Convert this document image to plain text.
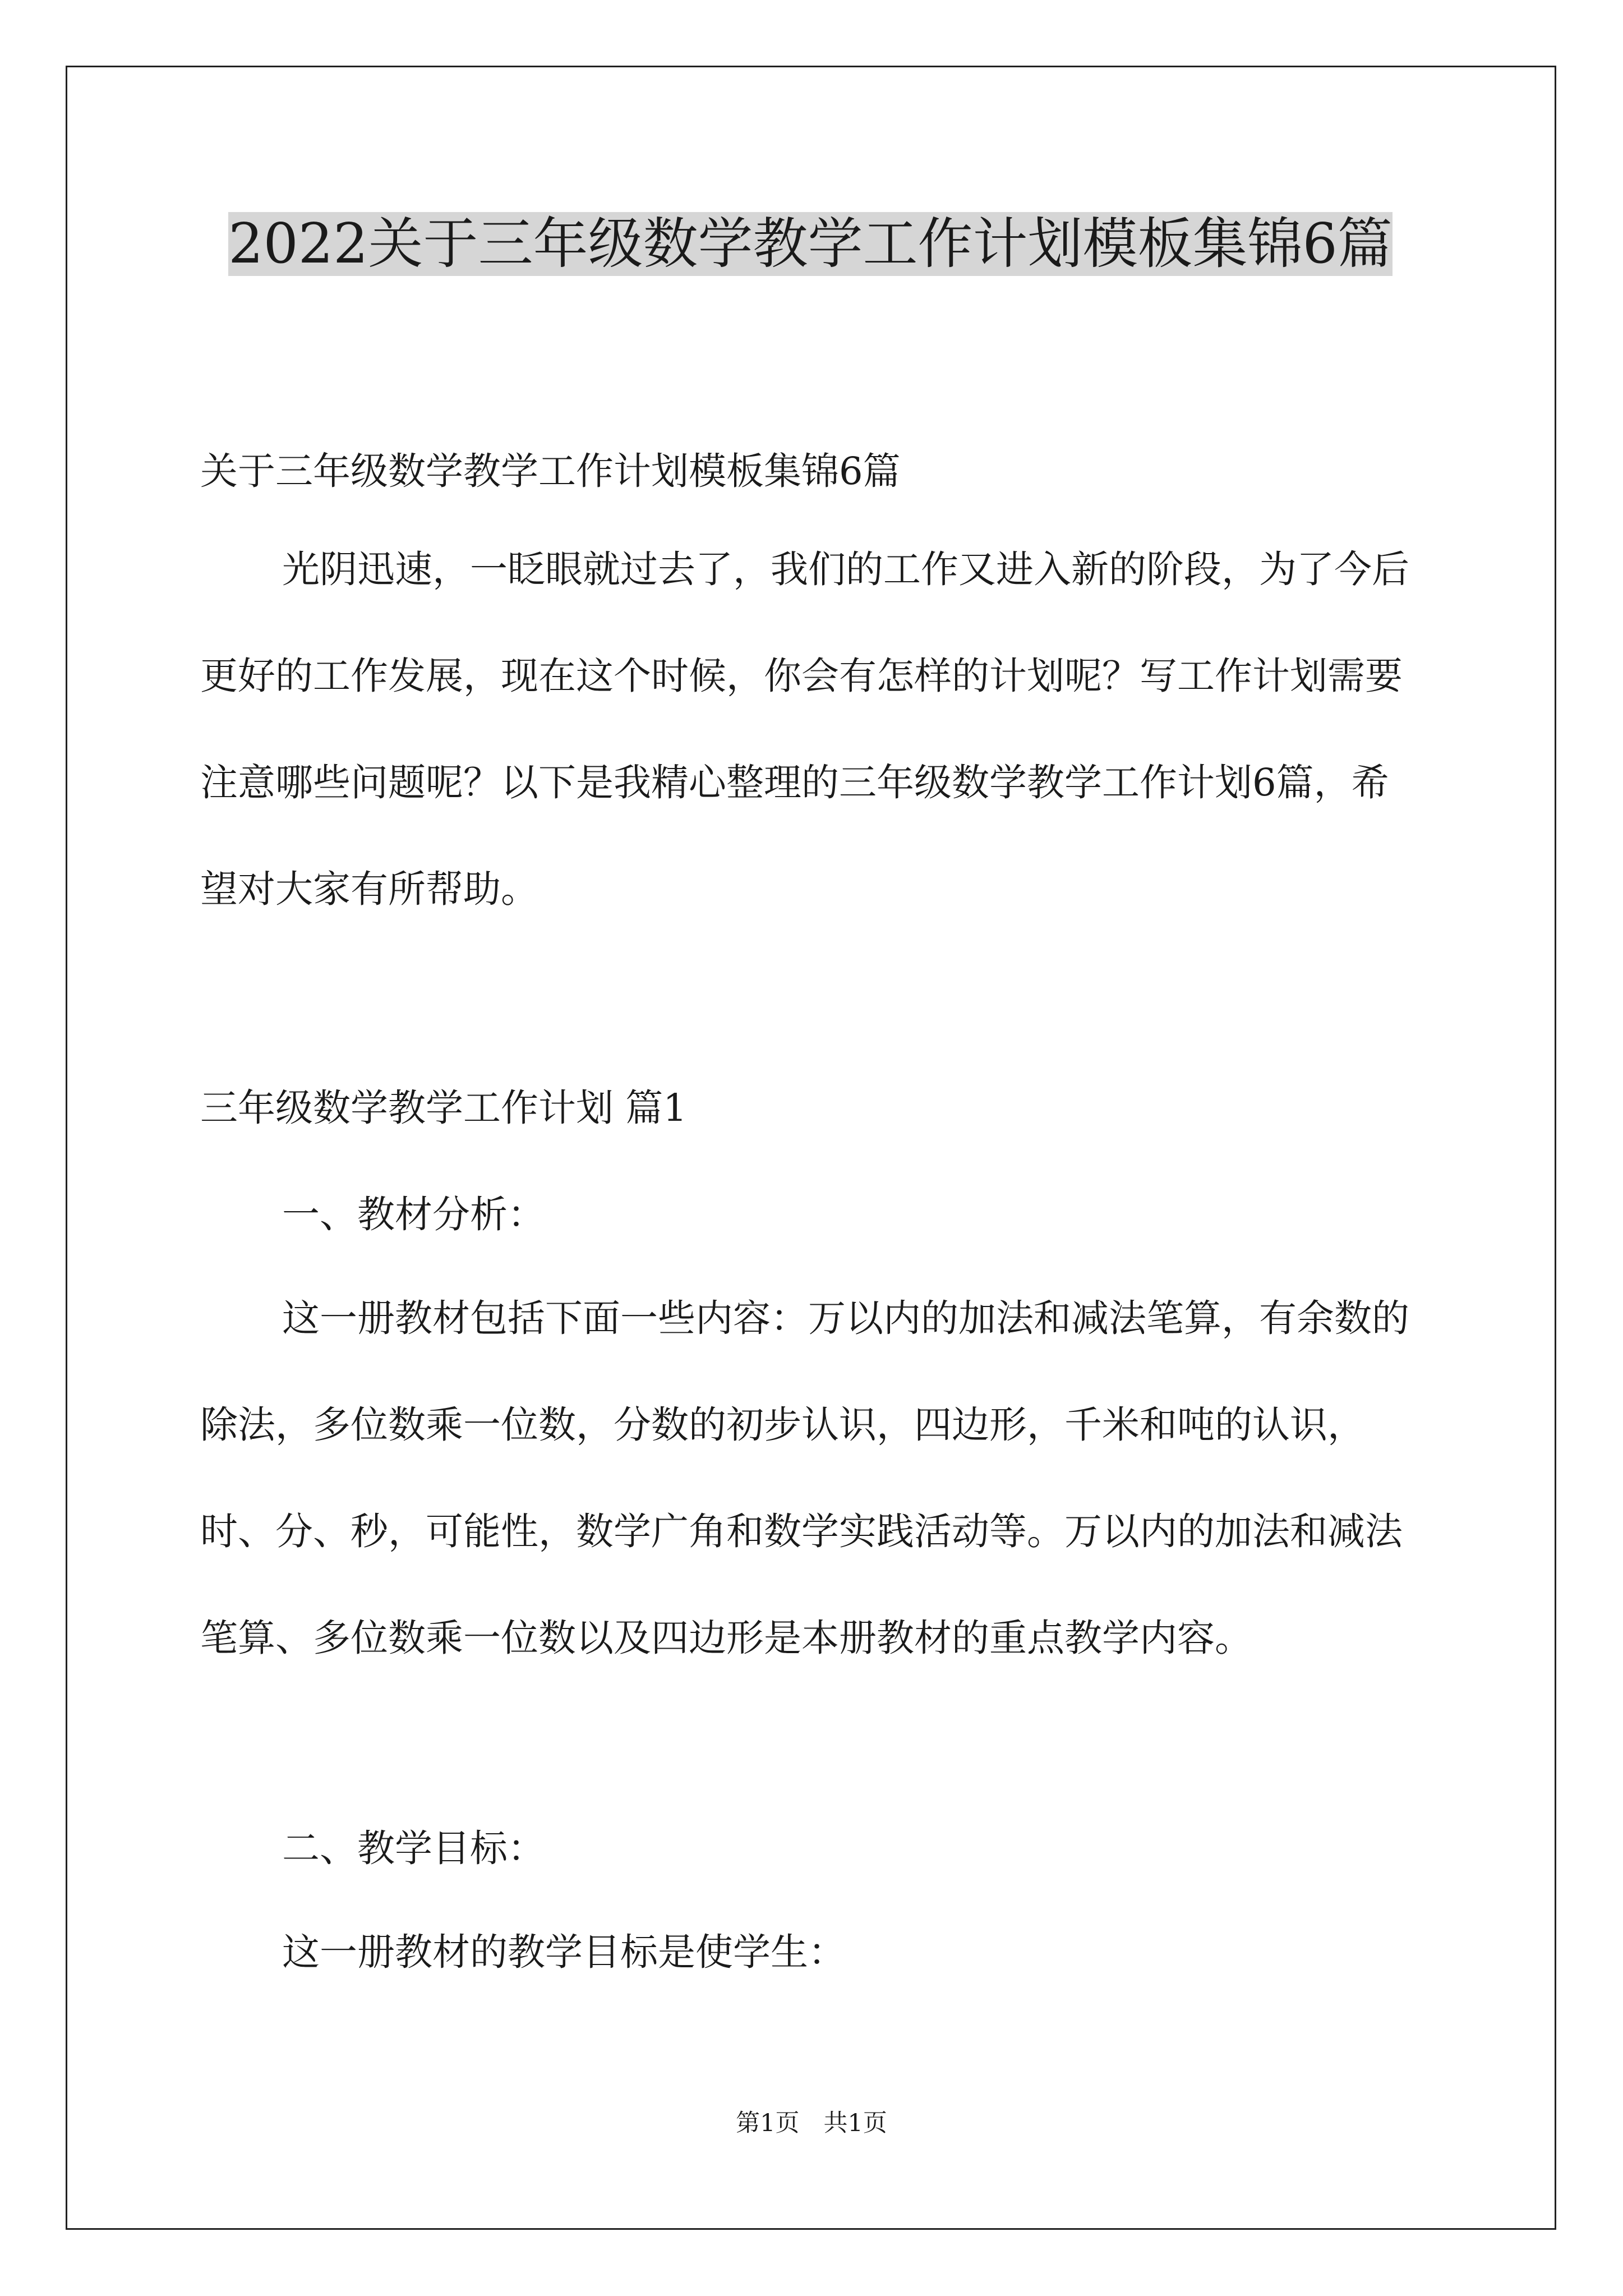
2022关于三年级数学教学工作计划模板集锦6篇

关于三年级数学教学工作计划模板集锦6篇

光阴迅速，一眨眼就过去了，我们的工作又进入新的阶段，为了今后更好的工作发展，现在这个时候，你会有怎样的计划呢？写工作计划需要注意哪些问题呢？以下是我精心整理的三年级数学教学工作计划6篇，希望对大家有所帮助。

三年级数学教学工作计划 篇1

一、教材分析：

这一册教材包括下面一些内容：万以内的加法和减法笔算，有余数的除法，多位数乘一位数，分数的初步认识，四边形，千米和吨的认识，时、分、秒，可能性，数学广角和数学实践活动等。万以内的加法和减法笔算、多位数乘一位数以及四边形是本册教材的重点教学内容。

二、教学目标：

这一册教材的教学目标是使学生：

第1页　共1页
